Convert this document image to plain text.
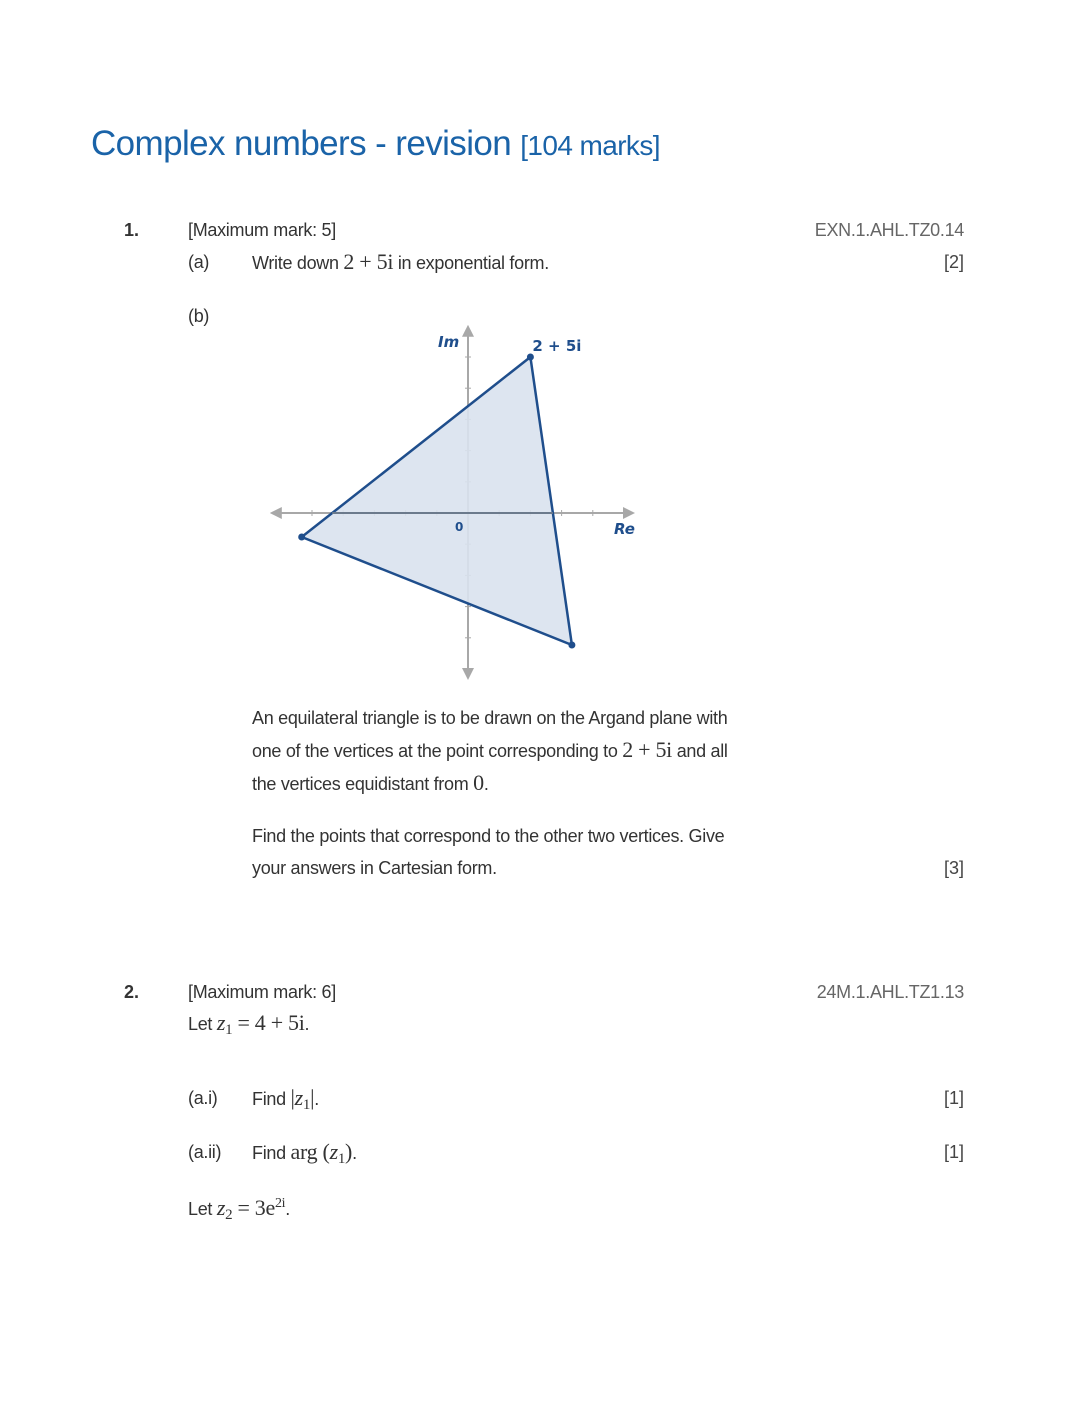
Complex numbers - revision [104 marks]
1.	[Maximum mark: 5]	EXN.1.AHL.TZ0.14
(a) Write down 2 + 5i in exponential form.	[2]
(b)
Im
Re
0
2 + 5i
An equilateral triangle is to be drawn on the Argand plane with
one of the vertices at the point corresponding to 2 + 5i and all
the vertices equidistant from 0.
Find the points that correspond to the other two vertices. Give
your answers in Cartesian form.	[3]
2.	[Maximum mark: 6]	24M.1.AHL.TZ1.13
Let $z_1 = 4 + 5i$.
(a.i) Find $|z_1|$.	[1]
(a.ii) Find arg $(z_1)$.	[1]
Let $z_2 = 3e^{2i}$.
